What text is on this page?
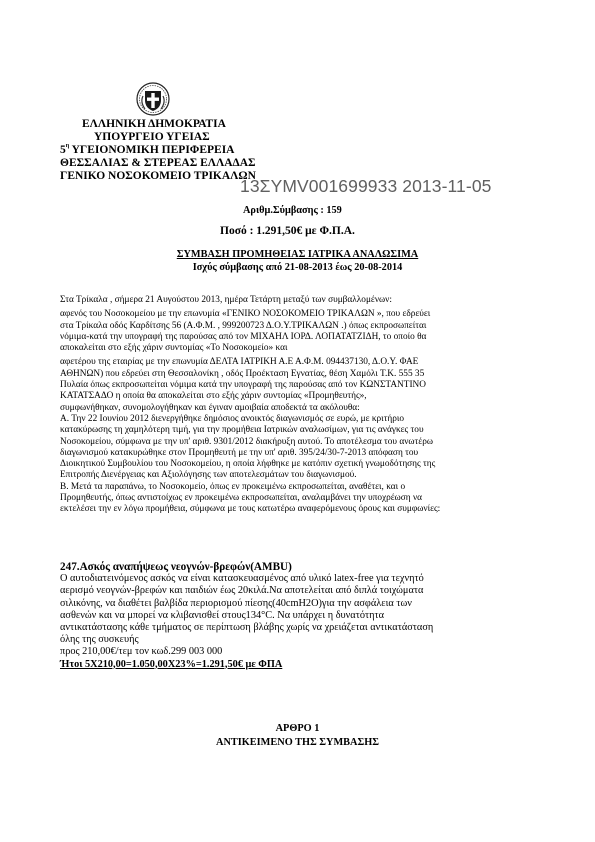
ΕΛΛΗΝΙΚΗ ΔΗΜΟΚΡΑΤΙΑ
ΥΠΟΥΡΓΕΙΟ ΥΓΕΙΑΣ
$5^\eta$ ΥΓΕΙΟΝΟΜΙΚΗ ΠΕΡΙΦΕΡΕΙΑ
ΘΕΣΣΑΛΙΑΣ & ΣΤΕΡΕΑΣ ΕΛΛΑΔΑΣ
ΓΕΝΙΚΟ ΝΟΣΟΚΟΜΕΙΟ ΤΡΙΚΑΛΩΝ
13ΣΥΜV001699933 2013-11-05
Αριθμ.Σύμβασης : 159
Ποσό : 1.291,50€ με Φ.Π.Α.
ΣΥΜΒΑΣΗ ΠΡΟΜΗΘΕΙΑΣ ΙΑΤΡΙΚΑ ΑΝΑΛΩΣΙΜΑ
Ισχύς σύμβασης από 21-08-2013 έως 20-08-2014
Στα Τρίκαλα , σήμερα 21 Αυγούστου 2013, ημέρα Τετάρτη μεταξύ των συμβαλλομένων:
αφενός του Νοσοκομείου με την επωνυμία «ΓΕΝΙΚΟ ΝΟΣΟΚΟΜΕΙΟ ΤΡΙΚΑΛΩΝ », που εδρεύει
στα Τρίκαλα οδός Καρδίτσης 56 (Α.Φ.Μ. , 999200723 Δ.Ο.Υ.ΤΡΙΚΑΛΩΝ .) όπως εκπροσωπείται
νόμιμα-κατά την υπογραφή της παρούσας από τον ΜΙΧΑΗΛ ΙΟΡΔ. ΛΟΠΑΤΑΤΖΙΔΗ, το οποίο θα
αποκαλείται στο εξής χάριν συντομίας «Το Νοσοκομείο» και
αφετέρου της εταιρίας με την επωνυμία ΔΕΛΤΑ ΙΑΤΡΙΚΗ Α.Ε Α.Φ.Μ. 094437130, Δ.Ο.Υ. ΦΑΕ
ΑΘΗΝΩΝ) που εδρεύει στη Θεσσαλονίκη , οδός Προέκταση Εγνατίας, θέση Χαμόλι Τ.Κ. 555 35
Πυλαία όπως εκπροσωπείται νόμιμα κατά την υπογραφή της παρούσας από τον ΚΩΝΣΤΑΝΤΙΝΟ
ΚΑΤΑΤΣΑΔΟ η οποία θα αποκαλείται στο εξής χάριν συντομίας «Προμηθευτής»,
συμφωνήθηκαν, συνομολογήθηκαν και έγιναν αμοιβαία αποδεκτά τα ακόλουθα:
Α. Την 22 Ιουνίου 2012 διενεργήθηκε δημόσιος ανοικτός διαγωνισμός σε ευρώ, με κριτήριο
κατακύρωσης τη χαμηλότερη τιμή, για την προμήθεια Ιατρικών αναλωσίμων, για τις ανάγκες του
Νοσοκομείου, σύμφωνα με την υπ' αριθ. 9301/2012 διακήρυξη αυτού. Το αποτέλεσμα του ανωτέρω
διαγωνισμού κατακυρώθηκε στον Προμηθευτή με την υπ' αριθ. 395/24/30-7-2013 απόφαση του
Διοικητικού Συμβουλίου του Νοσοκομείου, η οποία λήφθηκε με κατόπιν σχετική γνωμοδότησης της
Επιτροπής Διενέργειας και Αξιολόγησης των αποτελεσμάτων του διαγωνισμού.
Β. Μετά τα παραπάνω, το Νοσοκομείο, όπως εν προκειμένω εκπροσωπείται, αναθέτει, και ο
Προμηθευτής, όπως αντιστοίχως εν προκειμένω εκπροσωπείται, αναλαμβάνει την υποχρέωση να
εκτελέσει την εν λόγω προμήθεια, σύμφωνα με τους κατωτέρω αναφερόμενους όρους και συμφωνίες:
247.Ασκός αναπήψεως νεογνών-βρεφών(AMBU)
Ο αυτοδιατεινόμενος ασκός να είναι κατασκευασμένος από υλικό latex-free για τεχνητό
αερισμό νεογνών-βρεφών και παιδιών έως 20κιλά.Να αποτελείται από διπλά τοιχώματα
σιλικόνης, να διαθέτει βαλβίδα περιορισμού πίεσης(40cmH2O)για την ασφάλεια των
ασθενών και να μπορεί να κλιβανισθεί στους134°C. Να υπάρχει η δυνατότητα
αντικατάστασης κάθε τμήματος σε περίπτωση βλάβης χωρίς να χρειάζεται αντικατάσταση
όλης της συσκευής
προς 210,00€/τεμ τον κωδ.299 003 000
Ήτοι 5Χ210,00=1.050,00Χ23%=1.291,50€ με ΦΠΑ
ΑΡΘΡΟ 1
ΑΝΤΙΚΕΙΜΕΝΟ ΤΗΣ ΣΥΜΒΑΣΗΣ
